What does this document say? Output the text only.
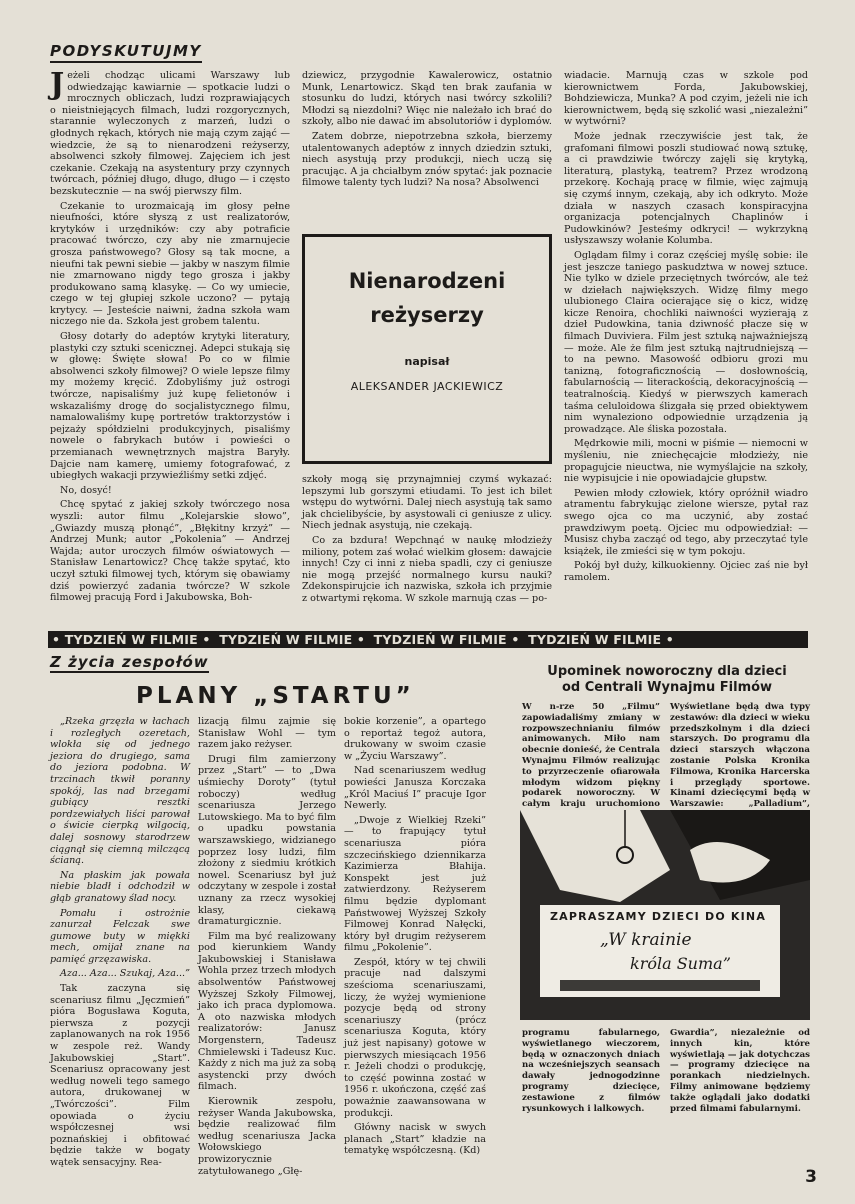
PODYSKUTUJMY

Jeżeli chodząc ulicami Warszawy lub odwiedzając kawiarnie — spotkacie ludzi o mrocznych obliczach, ludzi rozprawiających o nieistniejących filmach, ludzi rozgorycznych, starannie wyleczonych z marzeń, ludzi o głodnych rękach, których nie mają czym zająć — wiedzcie, że są to nienarodzeni reżyserzy, absolwenci szkoły filmowej. Zajęciem ich jest czekanie. Czekają na asystentury przy czynnych twórcach, później długo, długo, długo — i często bezskutecznie — na swój pierwszy film.

Czekanie to urozmaicają im głosy pełne nieufności, które słyszą z ust realizatorów, krytyków i urzędników: czy aby potraficie pracować twórczo, czy aby nie zmarnujecie grosza państwowego? Głosy są tak mocne, a nieufni tak pewni siebie — jakby w naszym filmie nie zmarnowano nigdy tego grosza i jakby produkowano samą klasykę. — Co wy umiecie, czego w tej głupiej szkole uczono? — pytają krytycy. — Jesteście naiwni, żadna szkoła wam niczego nie da. Szkoła jest grobem talentu.

Głosy dotarły do adeptów krytyki literatury, plastyki czy sztuki scenicznej. Adepci stukają się w głowę: Święte słowa! Po co w filmie absolwenci szkoły filmowej? O wiele lepsze filmy my możemy kręcić. Zdobyliśmy już ostrogi twórcze, napisaliśmy już kupę felietonów i wskazaliśmy drogę do socjalistycznego filmu, namalowaliśmy kupę portretów traktorzystów i pejzaży spółdzielni produkcyjnych, pisaliśmy nowele o fabrykach butów i powieści o przemianach wewnętrznych majstra Baryły. Dajcie nam kamerę, umiemy fotografować, z ubiegłych wakacji przywieźliśmy setki zdjęć.

No, dosyć!

Chcę spytać z jakiej szkoły twórczego nosa wyszli: autor filmu „Kolejarskie słowo”, „Gwiazdy muszą płonąć”, „Błękitny krzyż” — Andrzej Munk; autor „Pokolenia” — Andrzej Wajda; autor uroczych filmów oświatowych — Stanisław Lenartowicz? Chcę także spytać, kto uczył sztuki filmowej tych, którym się obawiamy dziś powierzyć zadania twórcze? W szkole filmowej pracują Ford i Jakubowska, Boh-

dziewicz, przygodnie Kawalerowicz, ostatnio Munk, Lenartowicz. Skąd ten brak zaufania w stosunku do ludzi, których nasi twórcy szkolili? Młodzi są niezdolni? Więc nie należało ich brać do szkoły, albo nie dawać im absolutoriów i dyplomów.

Zatem dobrze, niepotrzebna szkoła, bierzemy utalentowanych adeptów z innych dziedzin sztuki, niech asystują przy produkcji, niech uczą się pracując. A ja chciałbym znów spytać: jak poznacie filmowe talenty tych ludzi? Na nosa? Absolwenci

Nienarodzeni
reżyserzy
napisał
ALEKSANDER JACKIEWICZ

szkoły mogą się przynajmniej czymś wykazać: lepszymi lub gorszymi etiudami. To jest ich bilet wstępu do wytwórni. Dalej niech asystują tak samo jak chcielibyście, by asystowali ci geniusze z ulicy. Niech jednak asystują, nie czekają.

Co za bzdura! Wepchnąć w naukę młodzieży miliony, potem zaś wołać wielkim głosem: dawajcie innych! Czy ci inni z nieba spadli, czy ci geniusze nie mogą przejść normalnego kursu nauki? Zdekonspirujcie ich nazwiska, szkoła ich przyjmie z otwartymi rękoma. W szkole marnują czas — po-

wiadacie. Marnują czas w szkole pod kierownictwem Forda, Jakubowskiej, Bohdziewicza, Munka? A pod czyim, jeżeli nie ich kierownictwem, będą się szkolić wasi „niezależni” w wytwórni?

Może jednak rzeczywiście jest tak, że grafomani filmowi poszli studiować nową sztukę, a ci prawdziwie twórczy zajęli się krytyką, literaturą, plastyką, teatrem? Przez wrodzoną przekorę. Kochają pracę w filmie, więc zajmują się czymś innym, czekają, aby ich odkryto. Może działa w naszych czasach konspiracyjna organizacja potencjalnych Chaplinów i Pudowkinów? Jesteśmy odkryci! — wykrzykną usłyszawszy wołanie Kolumba.

Oglądam filmy i coraz częściej myślę sobie: ile jest jeszcze taniego paskudztwa w nowej sztuce. Nie tylko w dziele przeciętnych twórców, ale też w dziełach największych. Widzę filmy mego ulubionego Claira ocierające się o kicz, widzę kicze Renoira, chochliki naiwności wyzierają z dzieł Pudowkina, tania dziwność płacze się w filmach Duviviera. Film jest sztuką najważniejszą — może. Ale że film jest sztuką najtrudniejszą — to na pewno. Masowość odbioru grozi mu tanizną, fotograficznością — dosłownością, fabularnością — literackością, dekoracyjnością — teatralnością. Kiedyś w pierwszych kamerach taśma celuloidowa ślizgała się przed obiektywem nim wynaleziono odpowiednie urządzenia ją prowadzące. Ale śliska pozostała.

Mędrkowie mili, mocni w piśmie — niemocni w myśleniu, nie zniechęcajcie młodzieży, nie propagujcie nieuctwa, nie wymyślajcie na szkoły, nie wypisujcie i nie opowiadajcie głupstw.

Pewien młody człowiek, który opróżnił wiadro atramentu fabrykując zielone wiersze, pytał raz swego ojca co ma uczynić, aby zostać prawdziwym poetą. Ojciec mu odpowiedział: — Musisz chyba zacząć od tego, aby przeczytać tyle książek, ile zmieści się w tym pokoju.

Pokój był duży, kilkuokienny. Ojciec zaś nie był ramolem.

• TYDZIEŃ W FILMIE • TYDZIEŃ W FILMIE • TYDZIEŃ W FILMIE • TYDZIEŃ W FILMIE •
Z życia zespołów
PLANY „STARTU”

„Rzeka grzęzła w łachach i rozległych ozeretach, wlokła się od jednego jeziora do drugiego, sama do jeziora podobna. W trzcinach tkwił poranny spokój, las nad brzegami gubiący resztki pordzewiałych liści parował o świcie cierpką wilgocią, dalej sosnowy starodrzew ciągnął się ciemną milczącą ścianą.

Na płaskim jak powała niebie bladł i odchodził w głąb granatowy ślad nocy.

Pomału i ostrożnie zanurzał Felczak swe gumowe buty w miękki mech, omijał znane na pamięć grzęzawiska.

Aza... Aza... Szukaj, Aza...”

Tak zaczyna się scenariusz filmu „Jęczmień” pióra Bogusława Koguta, pierwsza z pozycji zaplanowanych na rok 1956 w zespole reż. Wandy Jakubowskiej „Start”. Scenariusz opracowany jest według noweli tego samego autora, drukowanej w „Twórczości”. Film opowiada o życiu współczesnej wsi poznańskiej i obfitować będzie także w bogaty wątek sensacyjny. Rea-

lizacją filmu zajmie się Stanisław Wohl — tym razem jako reżyser.

Drugi film zamierzony przez „Start” — to „Dwa uśmiechy Doroty” (tytuł roboczy) według scenariusza Jerzego Lutowskiego. Ma to być film o upadku powstania warszawskiego, widzianego poprzez losy ludzi, film złożony z siedmiu krótkich nowel. Scenariusz był już odczytany w zespole i został uznany za rzecz wysokiej klasy, ciekawą dramaturgicznie.

Film ma być realizowany pod kierunkiem Wandy Jakubowskiej i Stanisława Wohla przez trzech młodych absolwentów Państwowej Wyższej Szkoły Filmowej, jako ich praca dyplomowa. A oto nazwiska młodych realizatorów: Janusz Morgenstern, Tadeusz Chmielewski i Tadeusz Kuc. Każdy z nich ma już za sobą asystencki przy dwóch filmach.

Kierownik zespołu, reżyser Wanda Jakubowska, będzie realizować film według scenariusza Jacka Wołowskiego prowizorycznie zatytułowanego „Głę-

bokie korzenie”, a opartego o reportaż tegoż autora, drukowany w swoim czasie w „Życiu Warszawy”.

Nad scenariuszem według powieści Janusza Korczaka „Król Maciuś I” pracuje Igor Newerly.

„Dwoje z Wielkiej Rzeki” — to frapujący tytuł scenariusza pióra szczecińskiego dziennikarza Kazimierza Błahija. Konspekt jest już zatwierdzony. Reżyserem filmu będzie dyplomant Państwowej Wyższej Szkoły Filmowej Konrad Nałęcki, który był drugim reżyserem filmu „Pokolenie”.

Zespół, który w tej chwili pracuje nad dalszymi sześcioma scenariuszami, liczy, że wyżej wymienione pozycje będą od strony scenariuszy (prócz scenariusza Koguta, który już jest napisany) gotowe w pierwszych miesiącach 1956 r. Jeżeli chodzi o produkcję, to część powinna zostać w 1956 r. ukończona, część zaś poważnie zaawansowana w produkcji.

Główny nacisk w swych planach „Start” kładzie na tematykę współczesną. (Kd)

Upominek noworoczny dla dzieci
od Centrali Wynajmu Filmów

W n-rze 50 „Filmu” zapowiadaliśmy zmiany w rozpowszechnianiu filmów animowanych. Miło nam obecnie donieść, że Centrala Wynajmu Filmów realizując to przyrzeczenie ofiarowała młodym widzom piękny podarek noworoczny. W całym kraju uruchomiono

Wyświetlane będą dwa typy zestawów: dla dzieci w wieku przedszkolnym i dla dzieci starszych. Do programu dla dzieci starszych włączona zostanie Polska Kronika Filmowa, Kronika Harcerska i przeglądy sportowe. Kinami dziecięcymi będą w Warszawie: „Palladium”,

ZAPRASZAMY DZIECI DO KINA
„W krainie
króla Suma”

programu fabularnego, wyświetlanego wieczorem, będą w oznaczonych dniach na wcześniejszych seansach dawały jednogodzinne programy dziecięce, zestawione z filmów rysunkowych i lalkowych.

Gwardia”, niezależnie od innych kin, które wyświetlają — jak dotychczas — programy dziecięce na porankach niedzielnych. Filmy animowane będziemy także oglądali jako dodatki przed filmami fabularnymi.

3
